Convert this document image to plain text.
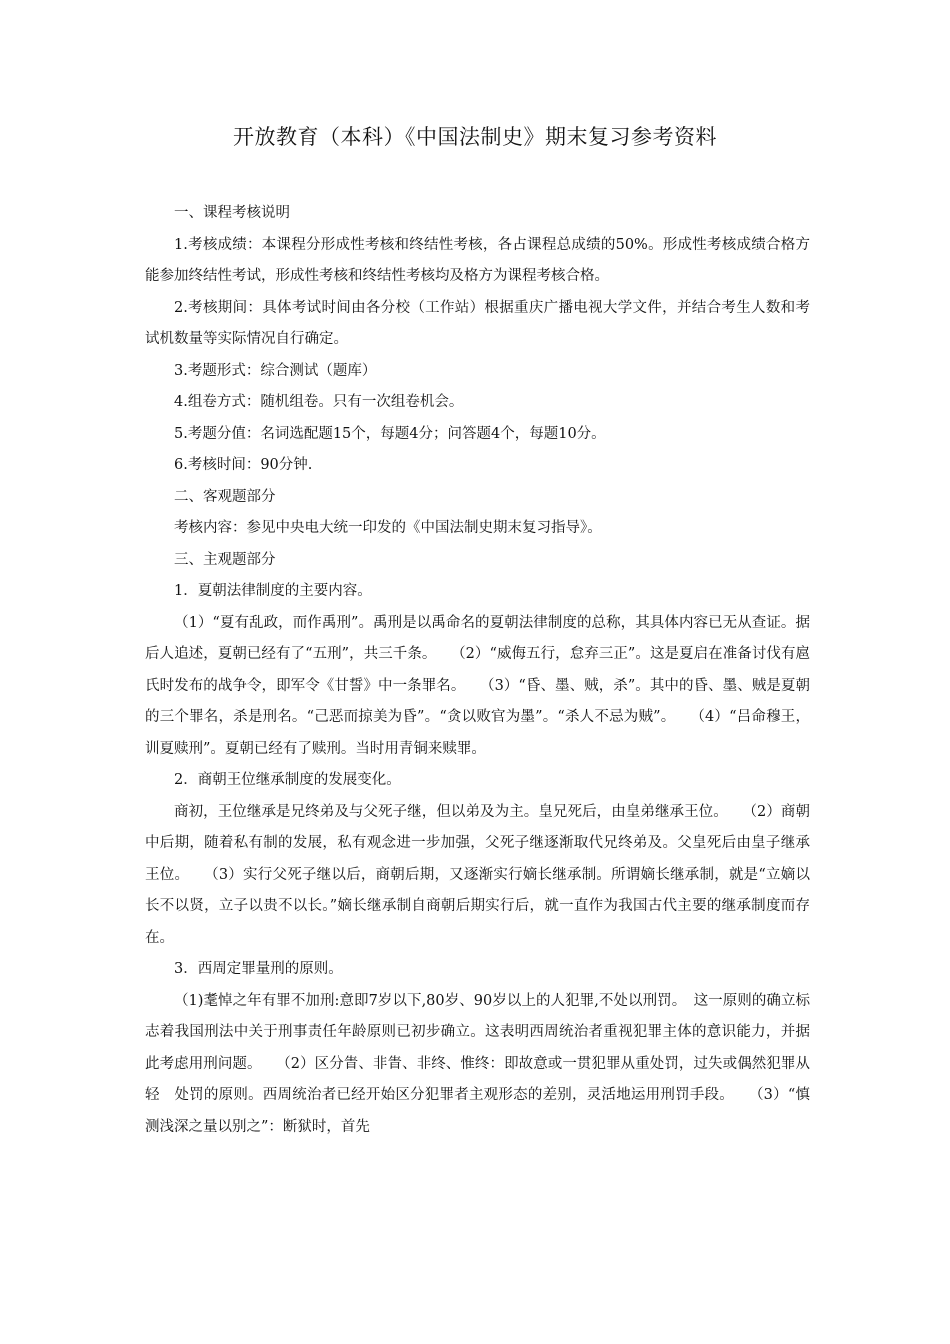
开放教育（本科）《中国法制史》期末复习参考资料

一、课程考核说明

1.考核成绩：本课程分形成性考核和终结性考核，各占课程总成绩的50%。形成性考核成绩合格方能参加终结性考试，形成性考核和终结性考核均及格方为课程考核合格。

2.考核期间：具体考试时间由各分校（工作站）根据重庆广播电视大学文件，并结合考生人数和考试机数量等实际情况自行确定。

3.考题形式：综合测试（题库）

4.组卷方式：随机组卷。只有一次组卷机会。

5.考题分值：名词选配题15个，每题4分；问答题4个，每题10分。

6.考核时间：90分钟.

二、客观题部分

考核内容：参见中央电大统一印发的《中国法制史期末复习指导》。

三、主观题部分

1．夏朝法律制度的主要内容。

（1）“夏有乱政，而作禹刑”。禹刑是以禹命名的夏朝法律制度的总称，其具体内容已无从查证。据后人追述，夏朝已经有了“五刑”，共三千条。　　（2）“威侮五行，怠弃三正”。这是夏启在准备讨伐有扈氏时发布的战争令，即军令《甘誓》中一条罪名。　　（3）“昏、墨、贼，杀”。其中的昏、墨、贼是夏朝的三个罪名，杀是刑名。“己恶而掠美为昏”。“贪以败官为墨”。“杀人不忌为贼”。　　（4）“吕命穆王，训夏赎刑”。夏朝已经有了赎刑。当时用青铜来赎罪。

2．商朝王位继承制度的发展变化。

商初，王位继承是兄终弟及与父死子继，但以弟及为主。皇兄死后，由皇弟继承王位。　　（2）商朝中后期，随着私有制的发展，私有观念进一步加强，父死子继逐渐取代兄终弟及。父皇死后由皇子继承王位。　　（3）实行父死子继以后，商朝后期，又逐渐实行嫡长继承制。所谓嫡长继承制，就是“立嫡以长不以贤，立子以贵不以长。”嫡长继承制自商朝后期实行后，就一直作为我国古代主要的继承制度而存在。

3．西周定罪量刑的原则。

（1)耄悼之年有罪不加刑:意即7岁以下,80岁、90岁以上的人犯罪,不处以刑罚。　这一原则的确立标志着我国刑法中关于刑事责任年龄原则已初步确立。这表明西周统治者重视犯罪主体的意识能力，并据此考虑用刑问题。　　（2）区分眚、非眚、非终、惟终：即故意或一贯犯罪从重处罚，过失或偶然犯罪从轻　处罚的原则。西周统治者已经开始区分犯罪者主观形态的差别，灵活地运用刑罚手段。　　（3）“慎测浅深之量以别之”：断狱时，首先
